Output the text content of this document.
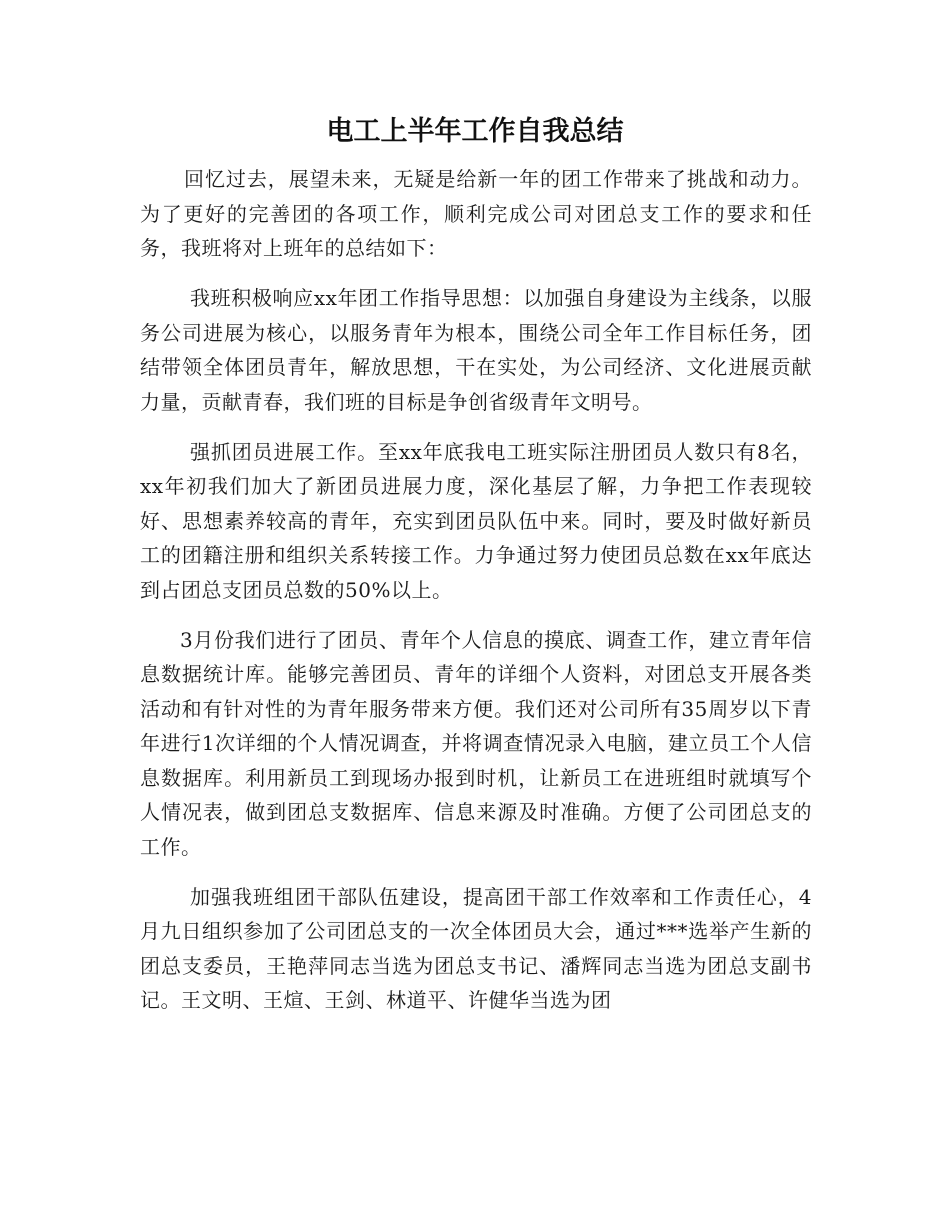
电工上半年工作自我总结

回忆过去，展望未来，无疑是给新一年的团工作带来了挑战和动力。为了更好的完善团的各项工作，顺利完成公司对团总支工作的要求和任务，我班将对上班年的总结如下：

我班积极响应xx年团工作指导思想：以加强自身建设为主线条，以服务公司进展为核心，以服务青年为根本，围绕公司全年工作目标任务，团结带领全体团员青年，解放思想，干在实处，为公司经济、文化进展贡献力量，贡献青春，我们班的目标是争创省级青年文明号。

强抓团员进展工作。至xx年底我电工班实际注册团员人数只有8名，xx年初我们加大了新团员进展力度，深化基层了解，力争把工作表现较好、思想素养较高的青年，充实到团员队伍中来。同时，要及时做好新员工的团籍注册和组织关系转接工作。力争通过努力使团员总数在xx年底达到占团总支团员总数的50%以上。

3月份我们进行了团员、青年个人信息的摸底、调查工作，建立青年信息数据统计库。能够完善团员、青年的详细个人资料，对团总支开展各类活动和有针对性的为青年服务带来方便。我们还对公司所有35周岁以下青年进行1次详细的个人情况调查，并将调查情况录入电脑，建立员工个人信息数据库。利用新员工到现场办报到时机，让新员工在进班组时就填写个人情况表，做到团总支数据库、信息来源及时准确。方便了公司团总支的工作。

加强我班组团干部队伍建设，提高团干部工作效率和工作责任心，4 月九日组织参加了公司团总支的一次全体团员大会，通过***选举产生新的团总支委员，王艳萍同志当选为团总支书记、潘辉同志当选为团总支副书记。王文明、王煊、王剑、林道平、许健华当选为团
